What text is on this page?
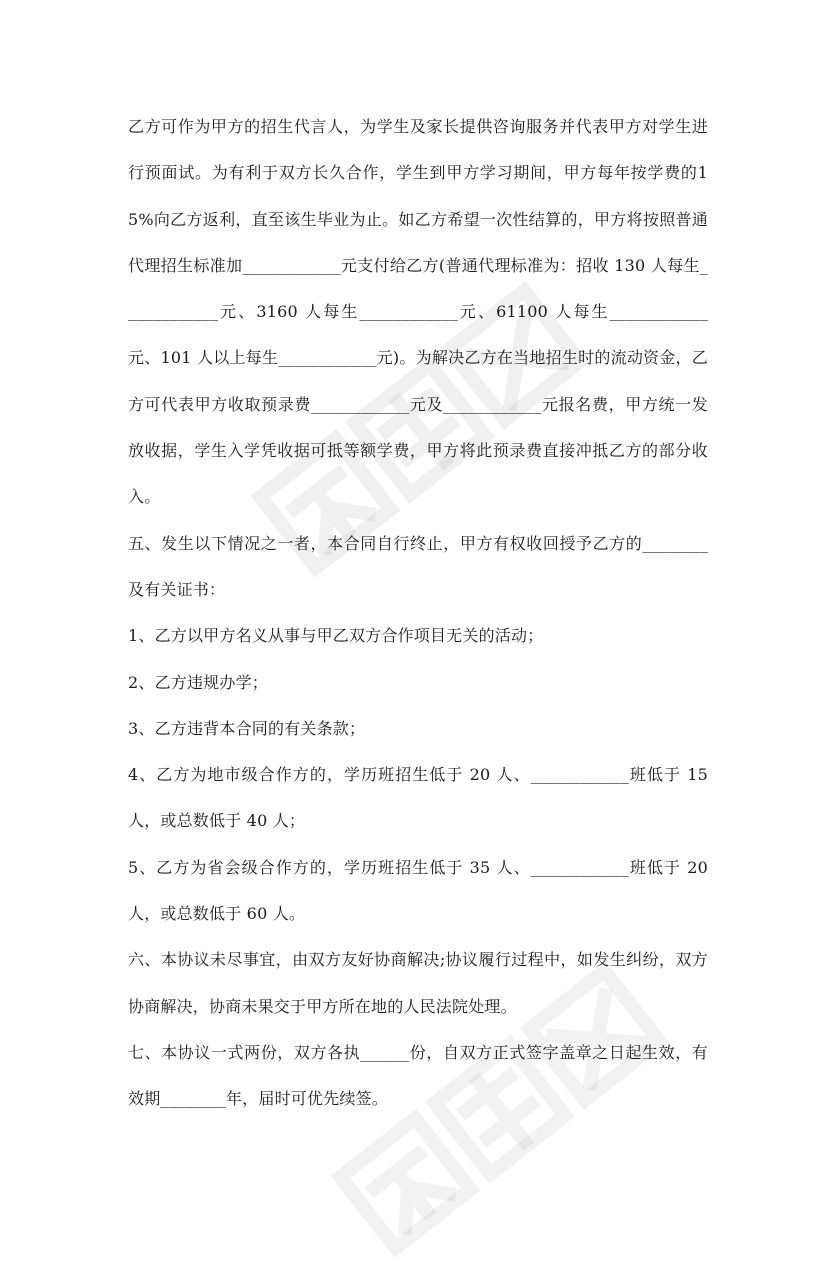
乙方可作为甲方的招生代言人，为学生及家长提供咨询服务并代表甲方对学生进行预面试。为有利于双方长久合作，学生到甲方学习期间，甲方每年按学费的15%向乙方返利，直至该生毕业为止。如乙方希望一次性结算的，甲方将按照普通代理招生标准加____________元支付给乙方(普通代理标准为：招收 130 人每生____________元、3160 人每生____________元、61100 人每生____________元、101 人以上每生____________元)。为解决乙方在当地招生时的流动资金，乙方可代表甲方收取预录费____________元及____________元报名费，甲方统一发放收据，学生入学凭收据可抵等额学费，甲方将此预录费直接冲抵乙方的部分收入。

五、发生以下情况之一者，本合同自行终止，甲方有权收回授予乙方的________及有关证书：

1、乙方以甲方名义从事与甲乙双方合作项目无关的活动；

2、乙方违规办学；

3、乙方违背本合同的有关条款；

4、乙方为地市级合作方的，学历班招生低于 20 人、____________班低于 15 人，或总数低于 40 人；

5、乙方为省会级合作方的，学历班招生低于 35 人、____________班低于 20 人，或总数低于 60 人。

六、本协议未尽事宜，由双方友好协商解决;协议履行过程中，如发生纠纷，双方协商解决，协商未果交于甲方所在地的人民法院处理。

七、本协议一式两份，双方各执______份，自双方正式签字盖章之日起生效，有效期________年，届时可优先续签。
